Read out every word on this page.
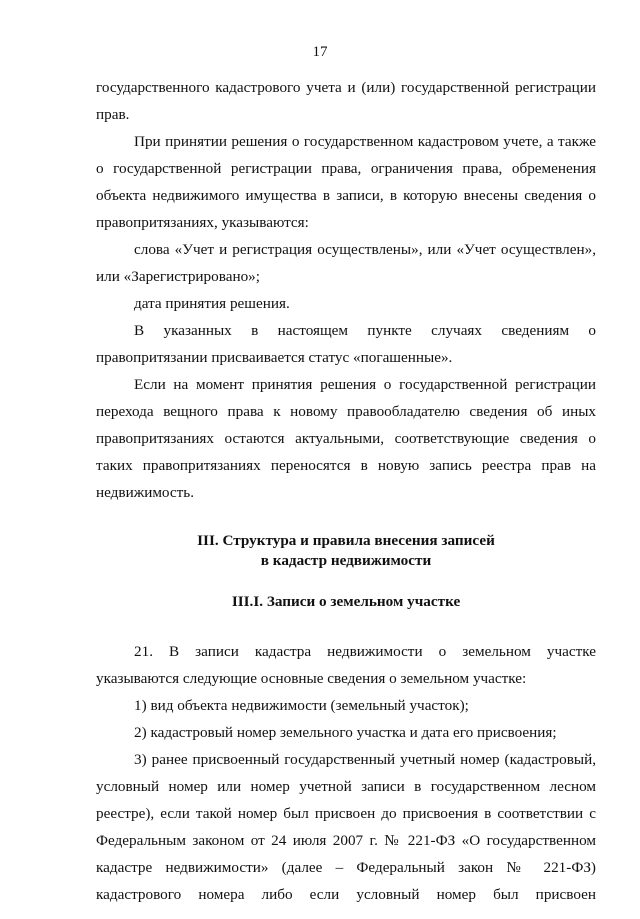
17

государственного кадастрового учета и (или) государственной регистрации прав.

При принятии решения о государственном кадастровом учете, а также о государственной регистрации права, ограничения права, обременения объекта недвижимого имущества в записи, в которую внесены сведения о правопритязаниях, указываются:

слова «Учет и регистрация осуществлены», или «Учет осуществлен», или «Зарегистрировано»;

дата принятия решения.

В указанных в настоящем пункте случаях сведениям о правопритязании присваивается статус «погашенные».

Если на момент принятия решения о государственной регистрации перехода вещного права к новому правообладателю сведения об иных правопритязаниях остаются актуальными, соответствующие сведения о таких правопритязаниях переносятся в новую запись реестра прав на недвижимость.

III. Структура и правила внесения записей
в кадастр недвижимости
III.I. Записи о земельном участке

21. В записи кадастра недвижимости о земельном участке указываются следующие основные сведения о земельном участке:

1) вид объекта недвижимости (земельный участок);

2) кадастровый номер земельного участка и дата его присвоения;

3) ранее присвоенный государственный учетный номер (кадастровый, условный номер или номер учетной записи в государственном лесном реестре), если такой номер был присвоен до присвоения в соответствии с Федеральным законом от 24 июля 2007 г. № 221-ФЗ «О государственном кадастре недвижимости» (далее – Федеральный закон № 221-ФЗ) кадастрового номера либо если условный номер был присвоен
